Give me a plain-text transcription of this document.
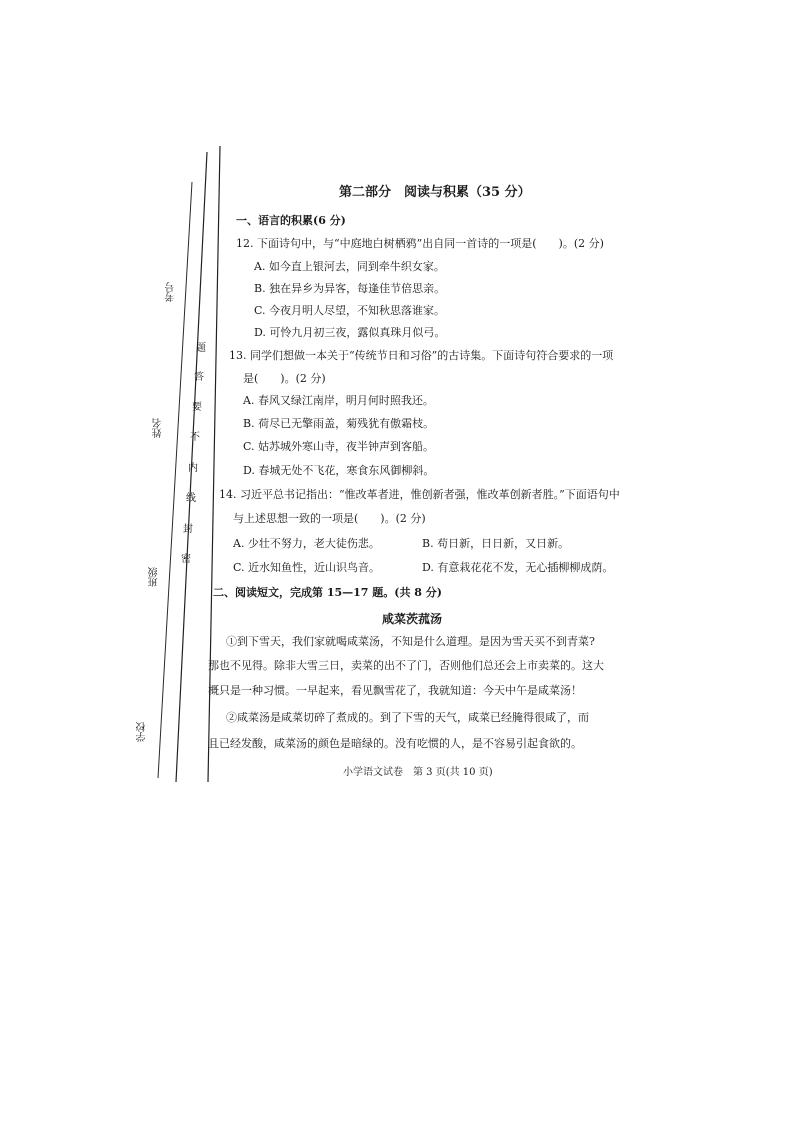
考号
姓名
班级
学校
密
封
线
内
不
要
答
题
第二部分　阅读与积累（35 分）
一、语言的积累(6 分)
12. 下面诗句中，与“中庭地白树栖鸦”出自同一首诗的一项是(　　)。(2 分)
A. 如今直上银河去，同到牵牛织女家。
B. 独在异乡为异客，每逢佳节倍思亲。
C. 今夜月明人尽望，不知秋思落谁家。
D. 可怜九月初三夜，露似真珠月似弓。
13. 同学们想做一本关于“传统节日和习俗”的古诗集。下面诗句符合要求的一项
是(　　)。(2 分)
A. 春风又绿江南岸，明月何时照我还。
B. 荷尽已无擎雨盖，菊残犹有傲霜枝。
C. 姑苏城外寒山寺，夜半钟声到客船。
D. 春城无处不飞花，寒食东风御柳斜。
14. 习近平总书记指出：“惟改革者进，惟创新者强，惟改革创新者胜。”下面语句中
与上述思想一致的一项是(　　)。(2 分)
A. 少壮不努力，老大徒伤悲。	B. 苟日新，日日新，又日新。
C. 近水知鱼性，近山识鸟音。	D. 有意栽花花不发，无心插柳柳成荫。
二、阅读短文，完成第 15—17 题。(共 8 分)
咸菜茨菰汤
①到下雪天，我们家就喝咸菜汤，不知是什么道理。是因为雪天买不到青菜?
那也不见得。除非大雪三日，卖菜的出不了门，否则他们总还会上市卖菜的。这大
概只是一种习惯。一早起来，看见飘雪花了，我就知道：今天中午是咸菜汤！
②咸菜汤是咸菜切碎了煮成的。到了下雪的天气，咸菜已经腌得很咸了，而
且已经发酸，咸菜汤的颜色是暗绿的。没有吃惯的人，是不容易引起食欲的。
小学语文试卷　第 3 页(共 10 页)
